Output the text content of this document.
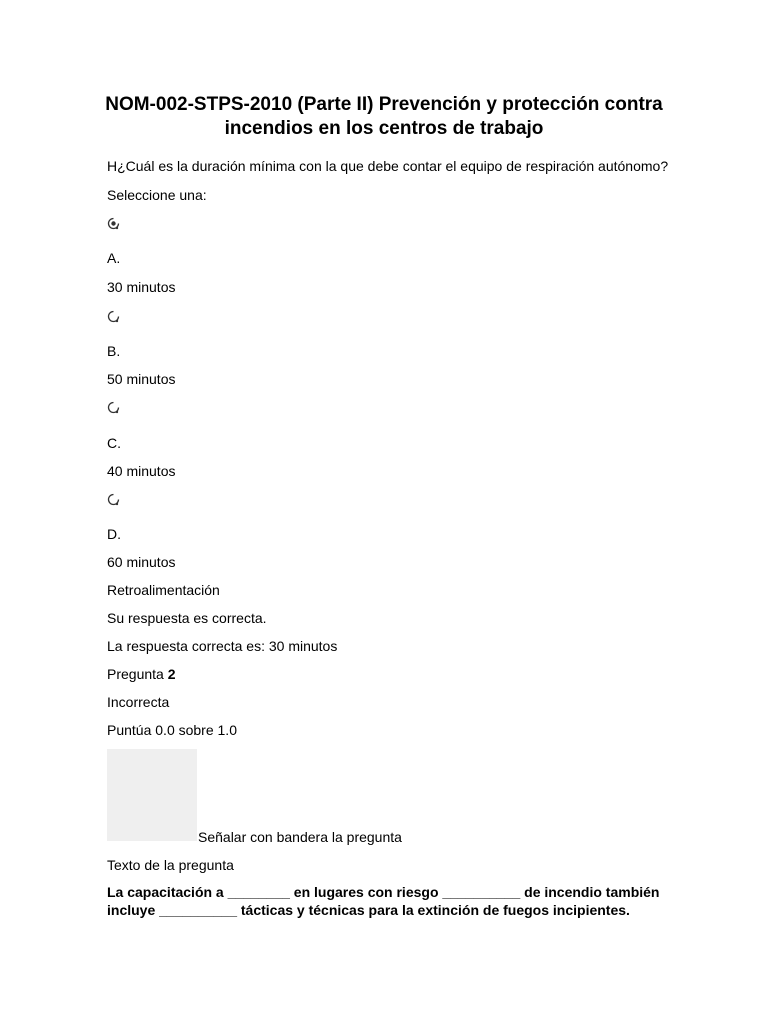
NOM-002-STPS-2010 (Parte II) Prevención y protección contra incendios en los centros de trabajo
H¿Cuál es la duración mínima con la que debe contar el equipo de respiración autónomo?
Seleccione una:
A.
30 minutos
B.
50 minutos
C.
40 minutos
D.
60 minutos
Retroalimentación
Su respuesta es correcta.
La respuesta correcta es: 30 minutos
Pregunta 2
Incorrecta
Puntúa 0.0 sobre 1.0
Señalar con bandera la pregunta
Texto de la pregunta
La capacitación a ________ en lugares con riesgo __________ de incendio también incluye __________ tácticas y técnicas para la extinción de fuegos incipientes.
